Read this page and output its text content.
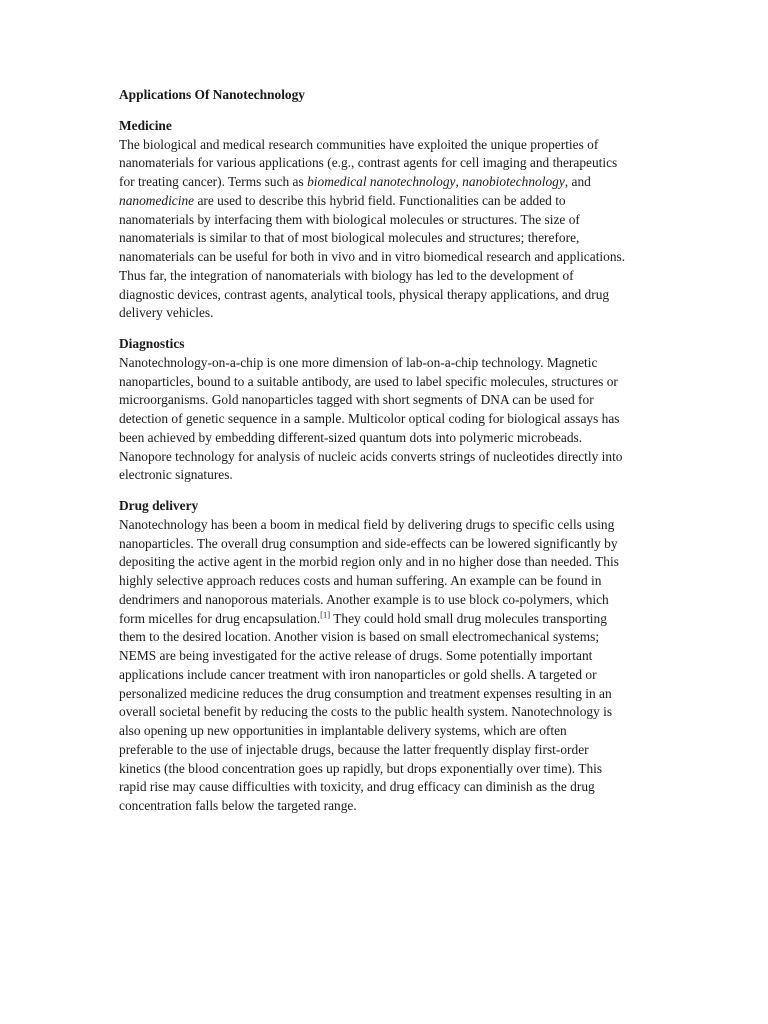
Applications Of Nanotechnology
Medicine
The biological and medical research communities have exploited the unique properties of
nanomaterials for various applications (e.g., contrast agents for cell imaging and therapeutics
for treating cancer). Terms such as biomedical nanotechnology, nanobiotechnology, and
nanomedicine are used to describe this hybrid field. Functionalities can be added to
nanomaterials by interfacing them with biological molecules or structures. The size of
nanomaterials is similar to that of most biological molecules and structures; therefore,
nanomaterials can be useful for both in vivo and in vitro biomedical research and applications.
Thus far, the integration of nanomaterials with biology has led to the development of
diagnostic devices, contrast agents, analytical tools, physical therapy applications, and drug
delivery vehicles.
Diagnostics
Nanotechnology-on-a-chip is one more dimension of lab-on-a-chip technology. Magnetic
nanoparticles, bound to a suitable antibody, are used to label specific molecules, structures or
microorganisms. Gold nanoparticles tagged with short segments of DNA can be used for
detection of genetic sequence in a sample. Multicolor optical coding for biological assays has
been achieved by embedding different-sized quantum dots into polymeric microbeads.
Nanopore technology for analysis of nucleic acids converts strings of nucleotides directly into
electronic signatures.
Drug delivery
Nanotechnology has been a boom in medical field by delivering drugs to specific cells using
nanoparticles. The overall drug consumption and side-effects can be lowered significantly by
depositing the active agent in the morbid region only and in no higher dose than needed. This
highly selective approach reduces costs and human suffering. An example can be found in
dendrimers and nanoporous materials. Another example is to use block co-polymers, which
form micelles for drug encapsulation.[1] They could hold small drug molecules transporting
them to the desired location. Another vision is based on small electromechanical systems;
NEMS are being investigated for the active release of drugs. Some potentially important
applications include cancer treatment with iron nanoparticles or gold shells. A targeted or
personalized medicine reduces the drug consumption and treatment expenses resulting in an
overall societal benefit by reducing the costs to the public health system. Nanotechnology is
also opening up new opportunities in implantable delivery systems, which are often
preferable to the use of injectable drugs, because the latter frequently display first-order
kinetics (the blood concentration goes up rapidly, but drops exponentially over time). This
rapid rise may cause difficulties with toxicity, and drug efficacy can diminish as the drug
concentration falls below the targeted range.
